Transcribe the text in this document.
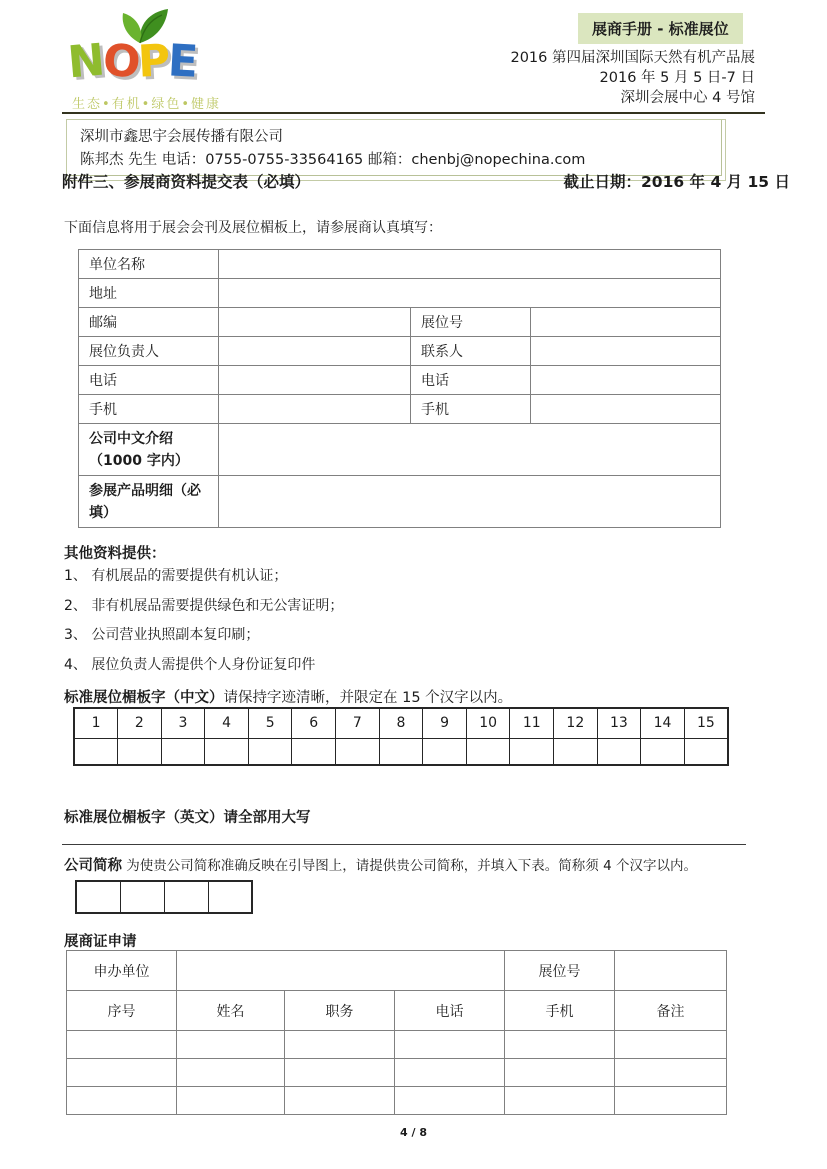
NOPE
生态•有机•绿色•健康
展商手册 - 标准展位
2016 第四届深圳国际天然有机产品展
2016 年 5 月 5 日-7 日
深圳会展中心 4 号馆
深圳市鑫思宇会展传播有限公司
陈邦杰 先生 电话：0755-0755-33564165 邮箱：chenbj@nopechina.com
附件三、参展商资料提交表（必填）	截止日期：2016 年 4 月 15 日
下面信息将用于展会会刊及展位楣板上，请参展商认真填写：
单位名称			
地址			
邮编		展位号	
展位负责人		联系人	
电话		电话	
手机		手机	

公司中文介绍
（1000 字内）			

参展产品明细（必
填）			

其他资料提供：
1、 有机展品的需要提供有机认证；
2、 非有机展品需要提供绿色和无公害证明；
3、 公司营业执照副本复印刷；
4、 展位负责人需提供个人身份证复印件
标准展位楣板字（中文）请保持字迹清晰，并限定在 15 个汉字以内。
1	2	3	4	5	6	7	8	9	10	11	12	13	14	15

标准展位楣板字（英文）请全部用大写
公司简称 为使贵公司简称准确反映在引导图上，请提供贵公司简称，并填入下表。简称须 4 个汉字以内。

展商证申请
申办单位				展位号	
序号	姓名	职务	电话	手机	备注

4 / 8
